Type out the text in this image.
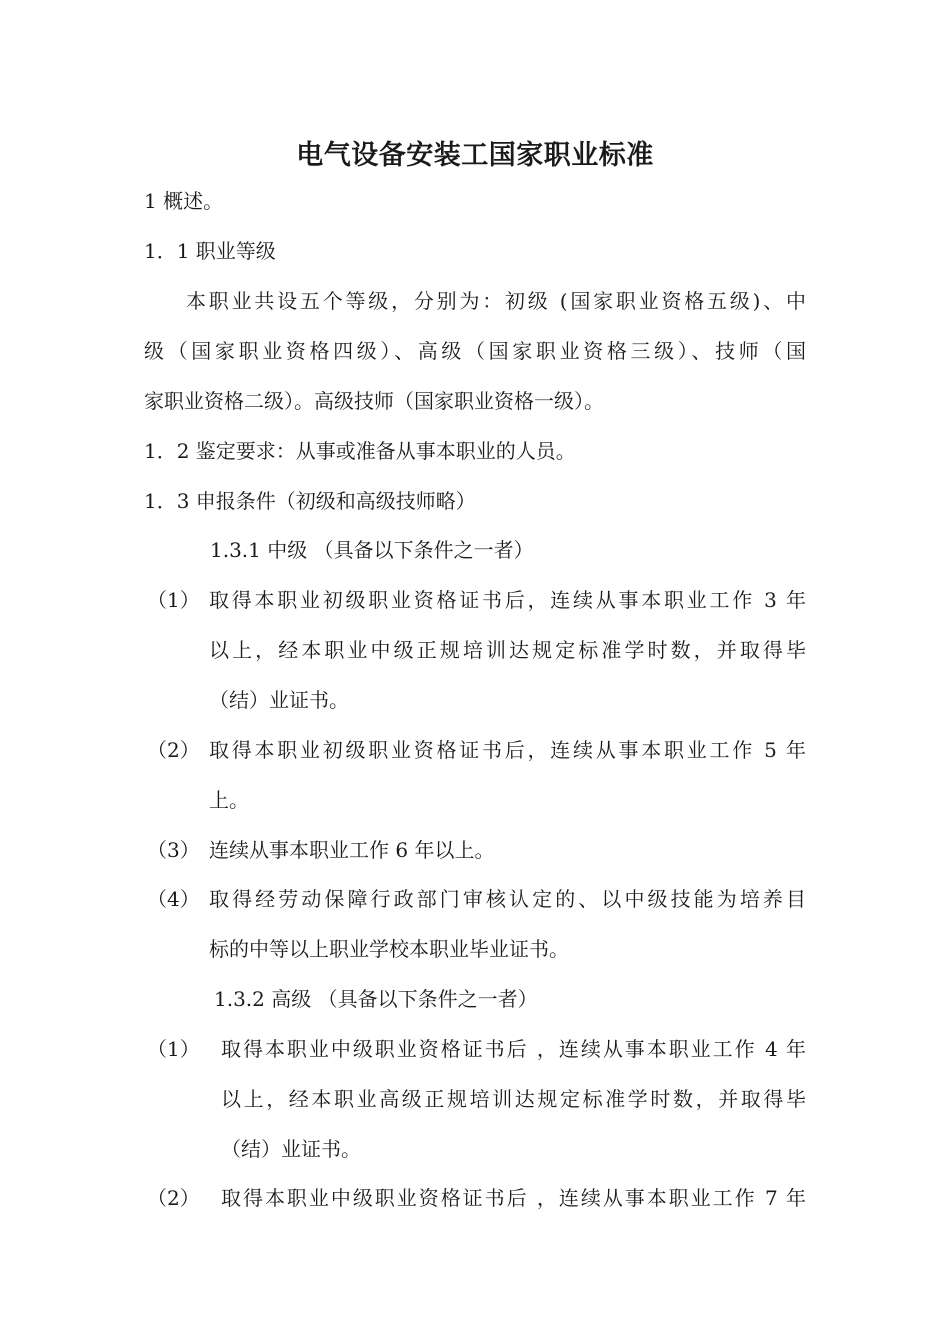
电气设备安装工国家职业标准
1 概述。
1．1 职业等级
本职业共设五个等级，分别为：初级 (国家职业资格五级)、中
级（国家职业资格四级）、高级（国家职业资格三级）、技师（国
家职业资格二级）。高级技师（国家职业资格一级）。
1．2 鉴定要求：从事或准备从事本职业的人员。
1．3 申报条件（初级和高级技师略）
1.3.1 中级 （具备以下条件之一者）
（1） 取得本职业初级职业资格证书后，连续从事本职业工作 3 年
以上，经本职业中级正规培训达规定标准学时数，并取得毕
（结）业证书。
（2） 取得本职业初级职业资格证书后，连续从事本职业工作 5 年
上。
（3） 连续从事本职业工作 6 年以上。
（4） 取得经劳动保障行政部门审核认定的、以中级技能为培养目
标的中等以上职业学校本职业毕业证书。
1.3.2 高级 （具备以下条件之一者）
（1） 取得本职业中级职业资格证书后 ，连续从事本职业工作 4 年
以上，经本职业高级正规培训达规定标准学时数，并取得毕
（结）业证书。
（2） 取得本职业中级职业资格证书后 ，连续从事本职业工作 7 年
